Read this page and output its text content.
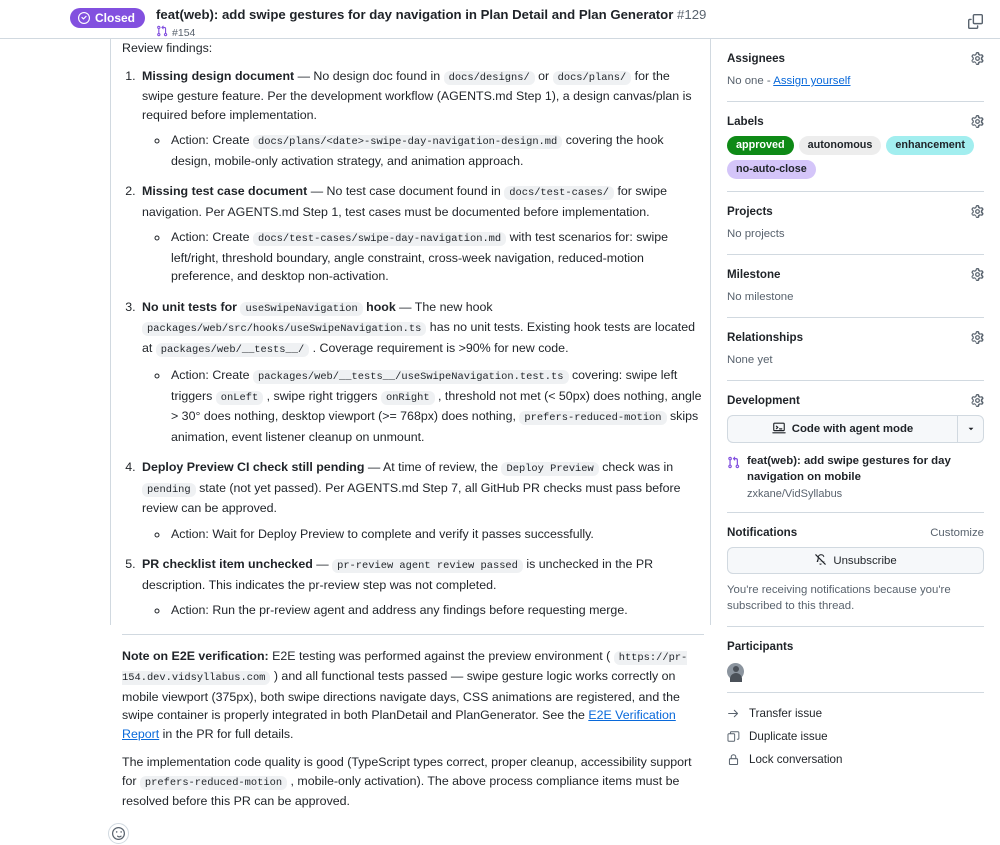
Closed feat(web): add swipe gestures for day navigation in Plan Detail and Plan Generator #129
#154

Review findings:

1. Missing design document — No design doc found in docs/designs/ or docs/plans/ for the swipe gesture feature. Per the development workflow (AGENTS.md Step 1), a design canvas/plan is required before implementation.
◦ Action: Create docs/plans/<date>-swipe-day-navigation-design.md covering the hook design, mobile-only activation strategy, and animation approach.
2. Missing test case document — No test case document found in docs/test-cases/ for swipe navigation. Per AGENTS.md Step 1, test cases must be documented before implementation.
◦ Action: Create docs/test-cases/swipe-day-navigation.md with test scenarios for: swipe left/right, threshold boundary, angle constraint, cross-week navigation, reduced-motion preference, and desktop non-activation.
3. No unit tests for useSwipeNavigation hook — The new hook packages/web/src/hooks/useSwipeNavigation.ts has no unit tests. Existing hook tests are located at packages/web/__tests__/ . Coverage requirement is >90% for new code.
◦ Action: Create packages/web/__tests__/useSwipeNavigation.test.ts covering: swipe left triggers onLeft , swipe right triggers onRight , threshold not met (< 50px) does nothing, angle > 30° does nothing, desktop viewport (>= 768px) does nothing, prefers-reduced-motion skips animation, event listener cleanup on unmount.
4. Deploy Preview CI check still pending — At time of review, the Deploy Preview check was in pending state (not yet passed). Per AGENTS.md Step 7, all GitHub PR checks must pass before review can be approved.
◦ Action: Wait for Deploy Preview to complete and verify it passes successfully.
5. PR checklist item unchecked — pr-review agent review passed is unchecked in the PR description. This indicates the pr-review step was not completed.
◦ Action: Run the pr-review agent and address any findings before requesting merge.

Note on E2E verification: E2E testing was performed against the preview environment ( https://pr-154.dev.vidsyllabus.com ) and all functional tests passed — swipe gesture logic works correctly on mobile viewport (375px), both swipe directions navigate days, CSS animations are registered, and the swipe container is properly integrated in both PlanDetail and PlanGenerator. See the E2E Verification Report in the PR for full details.

The implementation code quality is good (TypeScript types correct, proper cleanup, accessibility support for prefers-reduced-motion , mobile-only activation). The above process compliance items must be resolved before this PR can be approved.

Assignees
No one - Assign yourself
Labels
approved	autonomous	enhancement
no-auto-close
Projects
No projects
Milestone
No milestone
Relationships
None yet
Development
Code with agent mode
feat(web): add swipe gestures for day navigation on mobile
zxkane/VidSyllabus
Notifications	Customize
Unsubscribe
You're receiving notifications because you're subscribed to this thread.
Participants
Transfer issue
Duplicate issue
Lock conversation
